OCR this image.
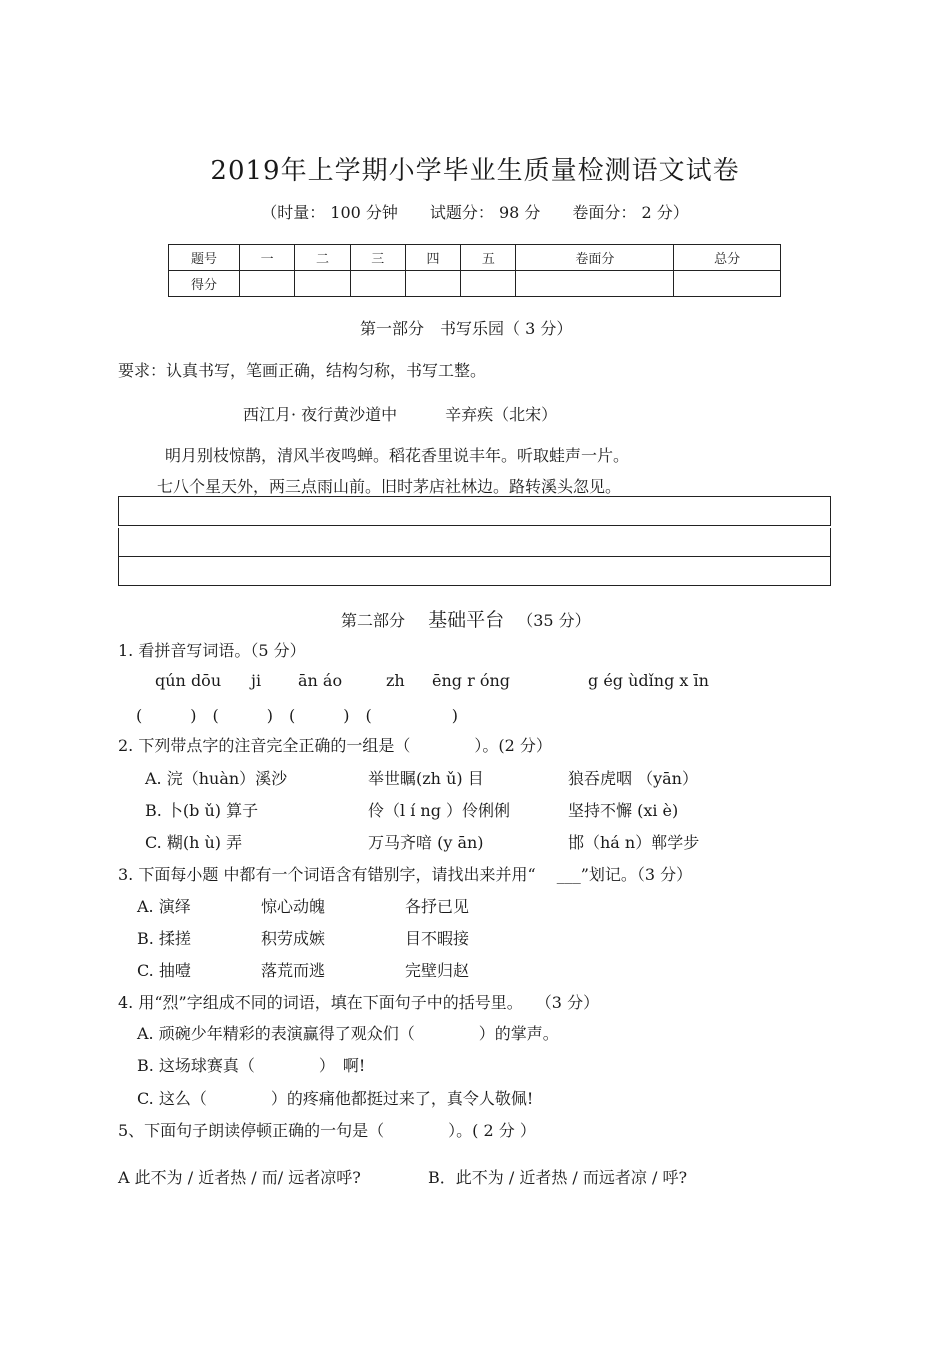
2019年上学期小学毕业生质量检测语文试卷
（时量： 100 分钟　　试题分： 98 分　　卷面分： 2 分）
题号	一	二	三	四	五	卷面分	总分
得分							
第一部分　书写乐园（ 3 分）
要求：认真书写，笔画正确，结构匀称，书写工整。
西江月· 夜行黄沙道中　　　辛弃疾（北宋）
明月别枝惊鹊，清风半夜鸣蝉。稻花香里说丰年。听取蛙声一片。
七八个星天外，两三点雨山前。旧时茅店社林边。路转溪头忽见。
第二部分 基础平台 （35 分）
1. 看拼音写词语。（5 分）
qún dōu ji ān áo	zh ēng r óng	g ég ùdǐng x īn
(　　　)　(　　　)　(　　　)　(　　　　　)
2. 下列带点字的注音完全正确的一组是（　　　　）。(2 分）
A. 浣（huàn）溪沙	举世瞩(zh ǔ) 目	狼吞虎咽 （yān）
B. 卜(b ǔ) 算子	伶（l í ng ）伶俐俐	坚持不懈 (xi è)
C. 糊(h ù) 弄	万马齐喑 (y ān)	邯（há n）郸学步
3. 下面每小题 中都有一个词语含有错别字，请找出来并用“　 ___”划记。（3 分）
A. 演绎	惊心动魄	各抒已见
B. 揉搓	积劳成嫉	目不暇接
C. 抽噎	落荒而逃	完壁归赵
4. 用“烈”字组成不同的词语，填在下面句子中的括号里。　 （3 分）
A. 顽碗少年精彩的表演赢得了观众们（　　　　）的掌声。
B. 这场球赛真（　　　　）　啊!
C. 这么（　　　　）的疼痛他都挺过来了，真令人敬佩!
5、下面句子朗读停顿正确的一句是（　　　　）。( 2 分 ）
A 此不为 / 近者热 / 而/ 远者凉呼?	B．此不为 / 近者热 / 而远者凉 / 呼?
